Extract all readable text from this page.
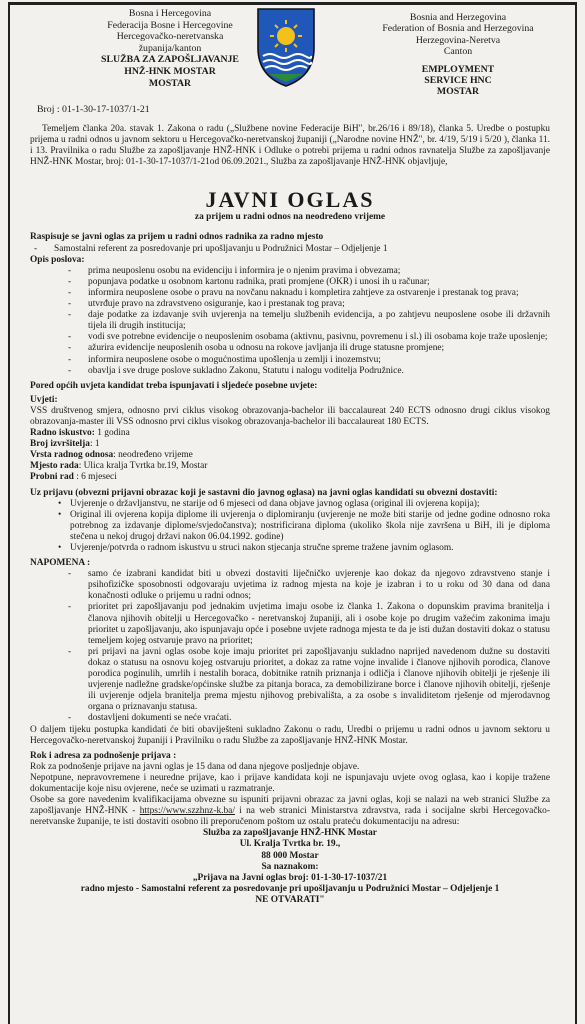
Bosna i Hercegovina
Federacija Bosne i Hercegovine
Hercegovačko-neretvanska
županija/kanton
SLUŽBA ZA ZAPOŠLJAVANJE
HNŽ-HNK MOSTAR
MOSTAR
Bosnia and Herzegovina
Federation of Bosnia and Herzegovina
Herzegovina-Neretva
Canton
EMPLOYMENT
SERVICE HNC
MOSTAR
Broj : 01-1-30-17-1037/1-21

Temeljem članka 20a. stavak 1. Zakona o radu („Službene novine Federacije BiH", br.26/16 i 89/18), članka 5. Uredbe o postupku prijema u radni odnos u javnom sektoru u Hercegovačko-neretvanskoj županiji („Narodne novine HNŽ", br. 4/19, 5/19 i 5/20 ), članka 11. i 13. Pravilnika o radu Službe za zapošljavanje HNŽ-HNK i Odluke o potrebi prijema u radni odnos ravnatelja Službe za zapošljavanje HNŽ-HNK Mostar, broj: 01-1-30-17-1037/1-21od 06.09.2021., Služba za zapošljavanje HNŽ-HNK objavljuje,

JAVNI OGLAS
za prijem u radni odnos na neodređeno vrijeme

Raspisuje se javni oglas za prijem u radni odnos radnika za radno mjesto

- Samostalni referent za posredovanje pri upošljavanju u Podružnici Mostar – Odjeljenje 1

Opis poslova:

- prima neuposlenu osobu na evidenciju i informira je o njenim pravima i obvezama;
- popunjava podatke u osobnom kartonu radnika, prati promjene (OKR) i unosi ih u računar;
- informira neuposlene osobe o pravu na novčanu naknadu i kompletira zahtjeve za ostvarenje i prestanak tog prava;
- utvrđuje pravo na zdravstveno osiguranje, kao i prestanak tog prava;
- daje podatke za izdavanje svih uvjerenja na temelju službenih evidencija, a po zahtjevu neuposlene osobe ili državnih tijela ili drugih institucija;
- vodi sve potrebne evidencije o neuposlenim osobama (aktivnu, pasivnu, povremenu i sl.) ili osobama koje traže uposlenje;
- ažurira evidencije neuposlenih osoba u odnosu na rokove javljanja ili druge statusne promjene;
- informira neuposlene osobe o mogućnostima upošlenja u zemlji i inozemstvu;
- obavlja i sve druge poslove sukladno Zakonu, Statutu i nalogu voditelja Podružnice.

Pored općih uvjeta kandidat treba ispunjavati i sljedeće posebne uvjete:

Uvjeti:

VSS društvenog smjera, odnosno prvi ciklus visokog obrazovanja-bachelor ili baccalaureat 240 ECTS odnosno drugi ciklus visokog obrazovanja-master ili VSS odnosno prvi ciklus visokog obrazovanja-bachelor ili baccalaureat 180 ECTS.

Radno iskustvo: 1 godina

Broj izvršitelja: 1

Vrsta radnog odnosa: neodređeno vrijeme

Mjesto rada: Ulica kralja Tvrtka br.19, Mostar

Probni rad : 6 mjeseci

Uz prijavu (obvezni prijavni obrazac koji je sastavni dio javnog oglasa) na javni oglas kandidati su obvezni dostaviti:

• Uvjerenje o državljanstvu, ne starije od 6 mjeseci od dana objave javnog oglasa (original ili ovjerena kopija);
• Original ili ovjerena kopija diplome ili uvjerenja o diplomiranju (uvjerenje ne može biti starije od jedne godine odnosno roka potrebnog za izdavanje diplome/svjedočanstva); nostrificirana diploma (ukoliko škola nije završena u BiH, ili je diploma stečena u nekoj drugoj državi nakon 06.04.1992. godine)
• Uvjerenje/potvrda o radnom iskustvu u struci nakon stjecanja stručne spreme tražene javnim oglasom.

NAPOMENA :

- samo će izabrani kandidat biti u obvezi dostaviti liječničko uvjerenje kao dokaz da njegovo zdravstveno stanje i psihofizičke sposobnosti odgovaraju uvjetima iz radnog mjesta na koje je izabran i to u roku od 30 dana od dana konačnosti odluke o prijemu u radni odnos;
- prioritet pri zapošljavanju pod jednakim uvjetima imaju osobe iz članka 1. Zakona o dopunskim pravima branitelja i članova njihovih obitelji u Hercegovačko - neretvanskoj županiji, ali i osobe koje po drugim važećim zakonima imaju prioritet u zapošljavanju, ako ispunjavaju opće i posebne uvjete radnoga mjesta te da je isti dužan dostaviti dokaz o statusu temeljem kojeg ostvaruje pravo na prioritet;
- pri prijavi na javni oglas osobe koje imaju prioritet pri zapošljavanju sukladno naprijed navedenom dužne su dostaviti dokaz o statusu na osnovu kojeg ostvaruju prioritet, a dokaz za ratne vojne invalide i članove njihovih porodica, članove porodica poginulih, umrlih i nestalih boraca, dobitnike ratnih priznanja i odličja i članove njihovih obitelji je rješenje ili uvjerenje nadležne gradske/općinske službe za pitanja boraca, za demobilizirane borce i članove njihovih obitelji, rješenje ili uvjerenje odjela branitelja prema mjestu njihovog prebivališta, a za osobe s invaliditetom rješenje od mjerodavnog organa o priznavanju statusa.
- dostavljeni dokumenti se neće vraćati.

O daljem tijeku postupka kandidati će biti obaviješteni sukladno Zakonu o radu, Uredbi o prijemu u radni odnos u javnom sektoru u Hercegovačko-neretvanskoj županiji i Pravilniku o radu Službe za zapošljavanje HNŽ-HNK Mostar.

Rok i adresa za podnošenje prijava :

Rok za podnošenje prijave na javni oglas je 15 dana od dana njegove posljednje objave.

Nepotpune, nepravovremene i neuredne prijave, kao i prijave kandidata koji ne ispunjavaju uvjete ovog oglasa, kao i kopije tražene dokumentacije koje nisu ovjerene, neće se uzimati u razmatranje.

Osobe sa gore navedenim kvalifikacijama obvezne su ispuniti prijavni obrazac za javni oglas, koji se nalazi na web stranici Službe za zapošljavanje HNŽ-HNK - https://www.szzhnz-k.ba/ i na web stranici Ministarstva zdravstva, rada i socijalne skrbi Hercegovačko-neretvanske županije, te isti dostaviti osobno ili preporučenom poštom uz ostalu prateću dokumentaciju na adresu:

Služba za zapošljavanje HNŽ-HNK Mostar
Ul. Kralja Tvrtka br. 19.,
88 000 Mostar
Sa naznakom:
„Prijava na Javni oglas broj: 01-1-30-17-1037/21
radno mjesto - Samostalni referent za posredovanje pri upošljavanju u Podružnici Mostar – Odjeljenje 1
NE OTVARATI"
